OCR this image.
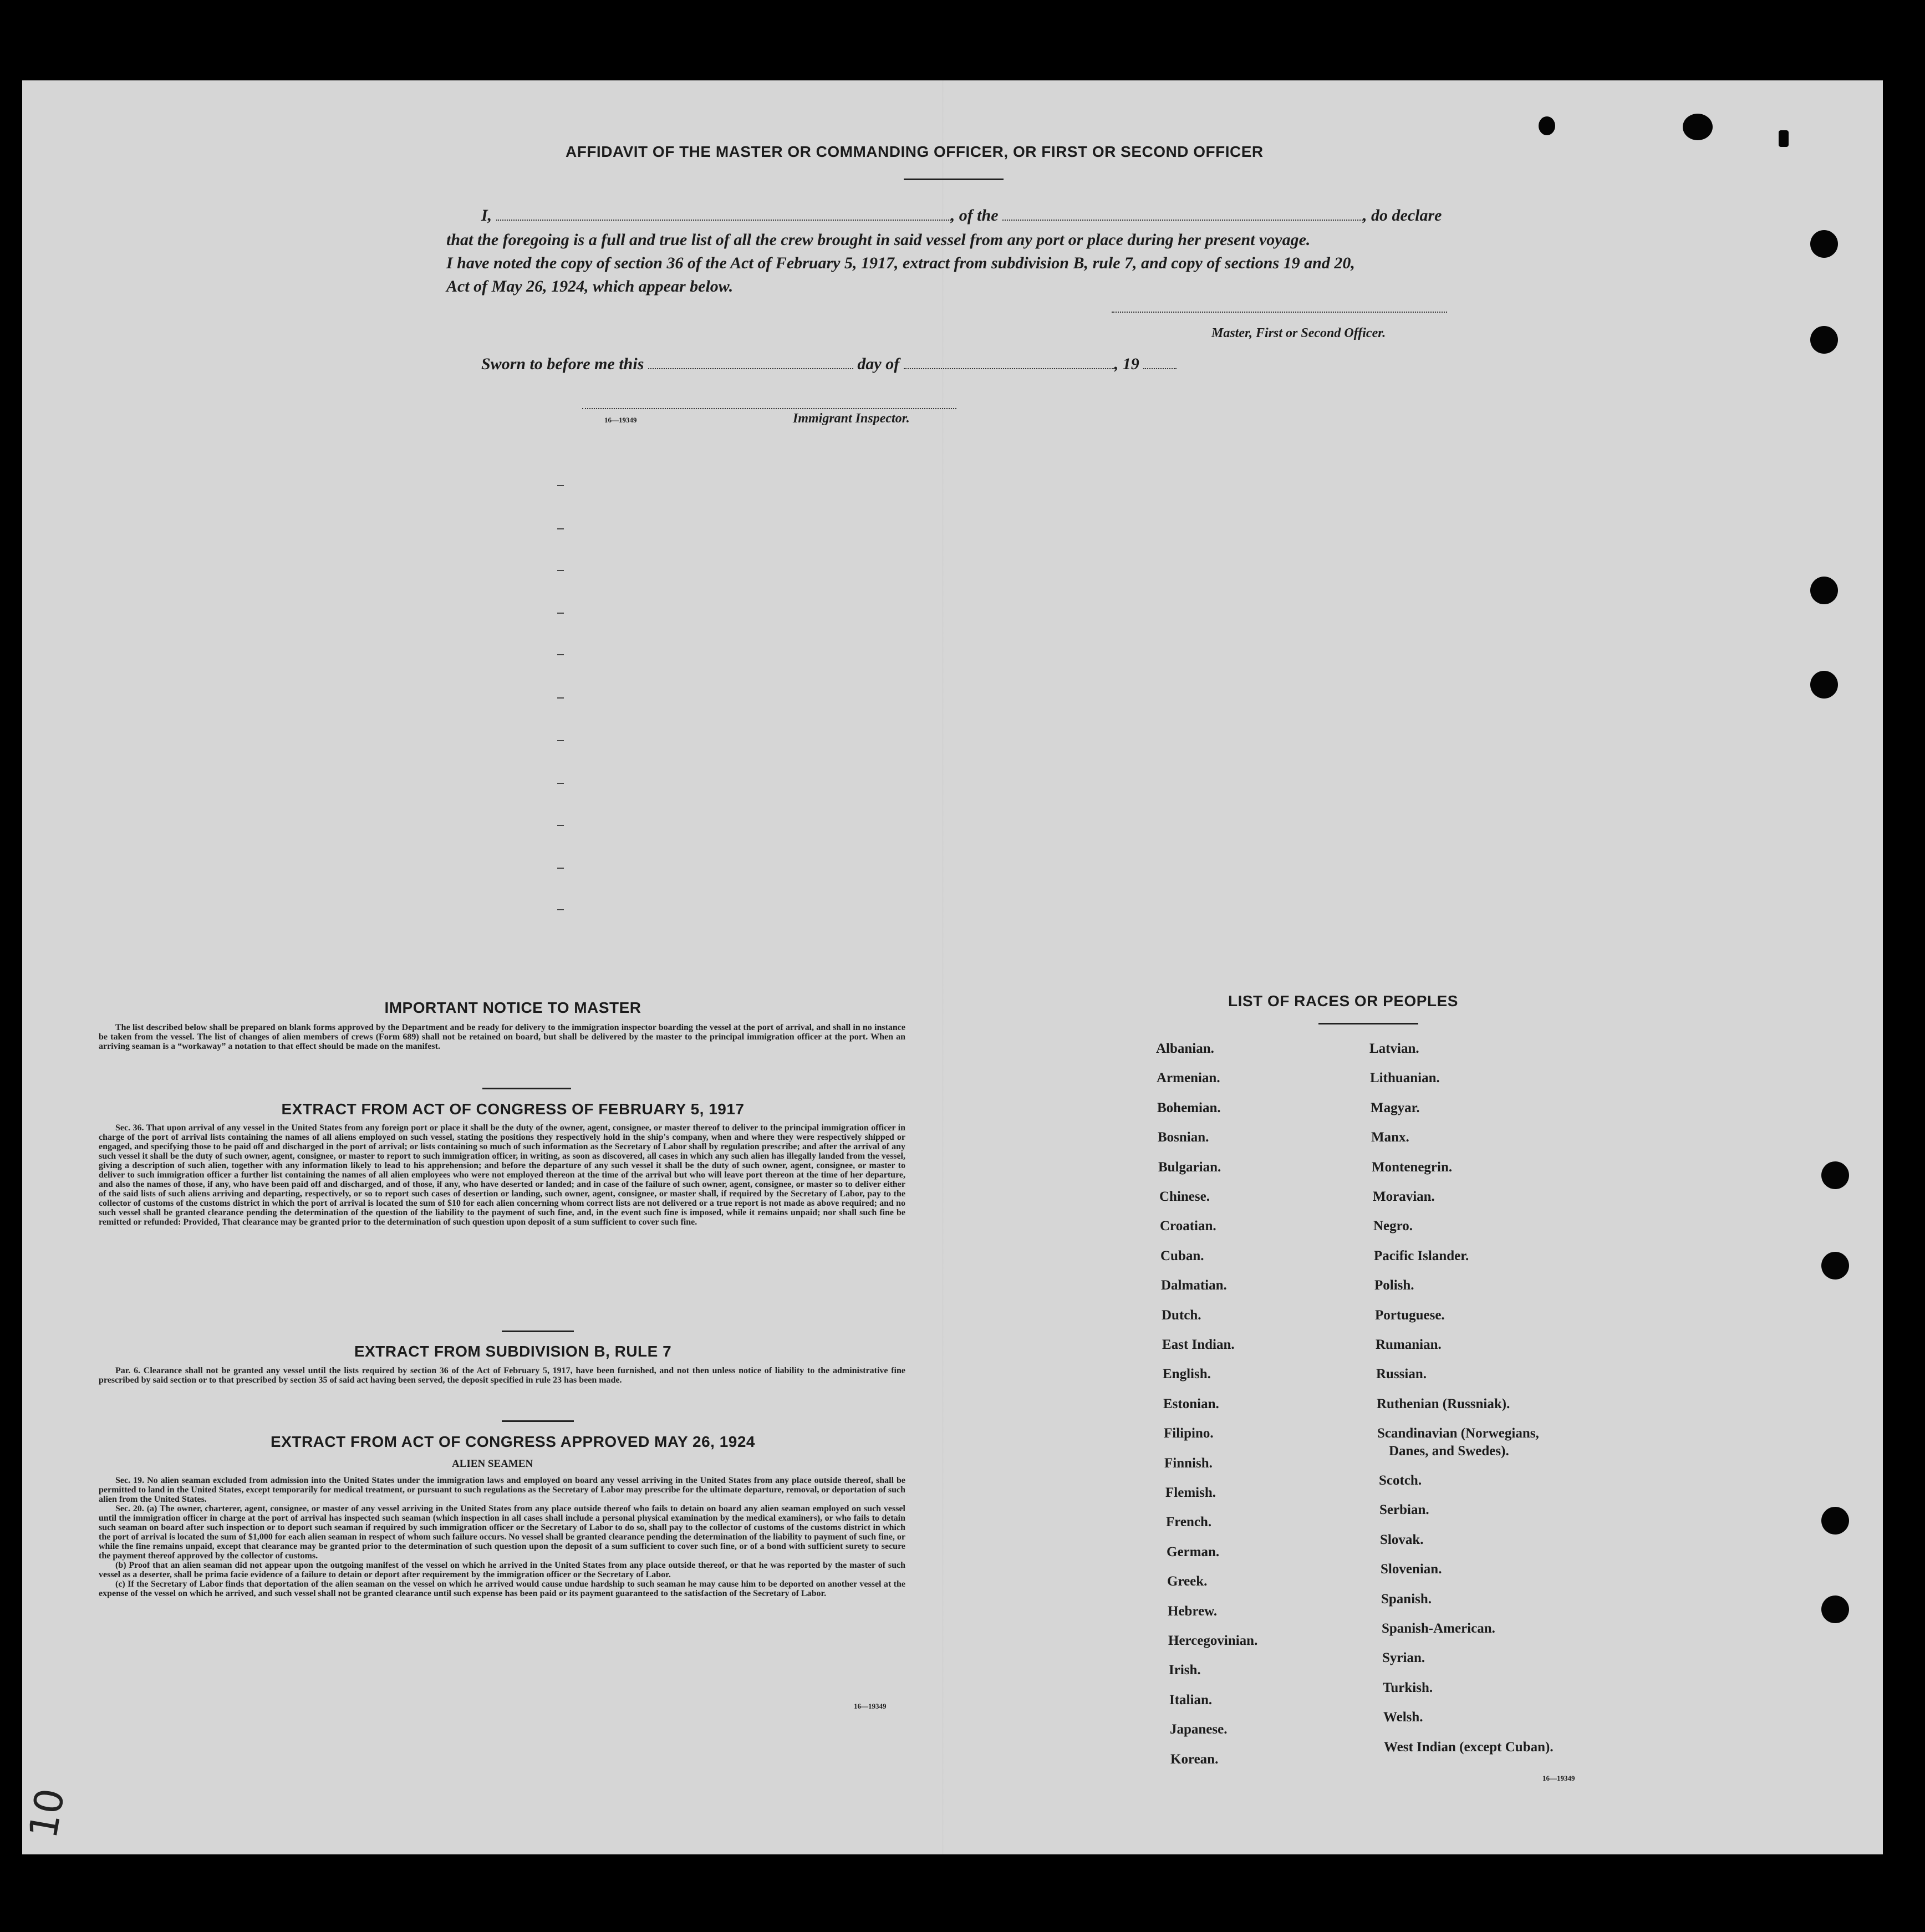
AFFIDAVIT OF THE MASTER OR COMMANDING OFFICER, OR FIRST OR SECOND OFFICER
I,	, of the	, do declare
that the foregoing is a full and true list of all the crew brought in said vessel from any port or place during her present voyage.
I have noted the copy of section 36 of the Act of February 5, 1917, extract from subdivision B, rule 7, and copy of sections 19 and 20,
Act of May 26, 1924, which appear below.
Master, First or Second Officer.
Sworn to before me this	day of	, 19
16—19349	Immigrant Inspector.
IMPORTANT NOTICE TO MASTER

The list described below shall be prepared on blank forms approved by the Department and be ready for delivery to the immigration inspector boarding the vessel at the port of arrival, and shall in no instance be taken from the vessel. The list of changes of alien members of crews (Form 689) shall not be retained on board, but shall be delivered by the master to the principal immigration officer at the port. When an arriving seaman is a “workaway” a notation to that effect should be made on the manifest.

EXTRACT FROM ACT OF CONGRESS OF FEBRUARY 5, 1917

Sec. 36. That upon arrival of any vessel in the United States from any foreign port or place it shall be the duty of the owner, agent, consignee, or master thereof to deliver to the principal immigration officer in charge of the port of arrival lists containing the names of all aliens employed on such vessel, stating the positions they respectively hold in the ship's company, when and where they were respectively shipped or engaged, and specifying those to be paid off and discharged in the port of arrival; or lists containing so much of such information as the Secretary of Labor shall by regulation prescribe; and after the arrival of any such vessel it shall be the duty of such owner, agent, consignee, or master to report to such immigration officer, in writing, as soon as discovered, all cases in which any such alien has illegally landed from the vessel, giving a description of such alien, together with any information likely to lead to his apprehension; and before the departure of any such vessel it shall be the duty of such owner, agent, consignee, or master to deliver to such immigration officer a further list containing the names of all alien employees who were not employed thereon at the time of the arrival but who will leave port thereon at the time of her departure, and also the names of those, if any, who have been paid off and discharged, and of those, if any, who have deserted or landed; and in case of the failure of such owner, agent, consignee, or master so to deliver either of the said lists of such aliens arriving and departing, respectively, or so to report such cases of desertion or landing, such owner, agent, consignee, or master shall, if required by the Secretary of Labor, pay to the collector of customs of the customs district in which the port of arrival is located the sum of $10 for each alien concerning whom correct lists are not delivered or a true report is not made as above required; and no such vessel shall be granted clearance pending the determination of the question of the liability to the payment of such fine, and, in the event such fine is imposed, while it remains unpaid; nor shall such fine be remitted or refunded: Provided, That clearance may be granted prior to the determination of such question upon deposit of a sum sufficient to cover such fine.

EXTRACT FROM SUBDIVISION B, RULE 7

Par. 6. Clearance shall not be granted any vessel until the lists required by section 36 of the Act of February 5, 1917, have been furnished, and not then unless notice of liability to the administrative fine prescribed by said section or to that prescribed by section 35 of said act having been served, the deposit specified in rule 23 has been made.

EXTRACT FROM ACT OF CONGRESS APPROVED MAY 26, 1924
ALIEN SEAMEN

Sec. 19. No alien seaman excluded from admission into the United States under the immigration laws and employed on board any vessel arriving in the United States from any place outside thereof, shall be permitted to land in the United States, except temporarily for medical treatment, or pursuant to such regulations as the Secretary of Labor may prescribe for the ultimate departure, removal, or deportation of such alien from the United States.

Sec. 20. (a) The owner, charterer, agent, consignee, or master of any vessel arriving in the United States from any place outside thereof who fails to detain on board any alien seaman employed on such vessel until the immigration officer in charge at the port of arrival has inspected such seaman (which inspection in all cases shall include a personal physical examination by the medical examiners), or who fails to detain such seaman on board after such inspection or to deport such seaman if required by such immigration officer or the Secretary of Labor to do so, shall pay to the collector of customs of the customs district in which the port of arrival is located the sum of $1,000 for each alien seaman in respect of whom such failure occurs. No vessel shall be granted clearance pending the determination of the liability to payment of such fine, or while the fine remains unpaid, except that clearance may be granted prior to the determination of such question upon the deposit of a sum sufficient to cover such fine, or of a bond with sufficient surety to secure the payment thereof approved by the collector of customs.

(b) Proof that an alien seaman did not appear upon the outgoing manifest of the vessel on which he arrived in the United States from any place outside thereof, or that he was reported by the master of such vessel as a deserter, shall be prima facie evidence of a failure to detain or deport after requirement by the immigration officer or the Secretary of Labor.

(c) If the Secretary of Labor finds that deportation of the alien seaman on the vessel on which he arrived would cause undue hardship to such seaman he may cause him to be deported on another vessel at the expense of the vessel on which he arrived, and such vessel shall not be granted clearance until such expense has been paid or its payment guaranteed to the satisfaction of the Secretary of Labor.

16—19349
LIST OF RACES OR PEOPLES
Albanian.
Armenian.
Bohemian.
Bosnian.
Bulgarian.
Chinese.
Croatian.
Cuban.
Dalmatian.
Dutch.
East Indian.
English.
Estonian.
Filipino.
Finnish.
Flemish.
French.
German.
Greek.
Hebrew.
Hercegovinian.
Irish.
Italian.
Japanese.
Korean.
Latvian.
Lithuanian.
Magyar.
Manx.
Montenegrin.
Moravian.
Negro.
Pacific Islander.
Polish.
Portuguese.
Rumanian.
Russian.
Ruthenian (Russniak).
Scandinavian (Norwegians,
Danes, and Swedes).
Scotch.
Serbian.
Slovak.
Slovenian.
Spanish.
Spanish-American.
Syrian.
Turkish.
Welsh.
West Indian (except Cuban).
16—19349
10
